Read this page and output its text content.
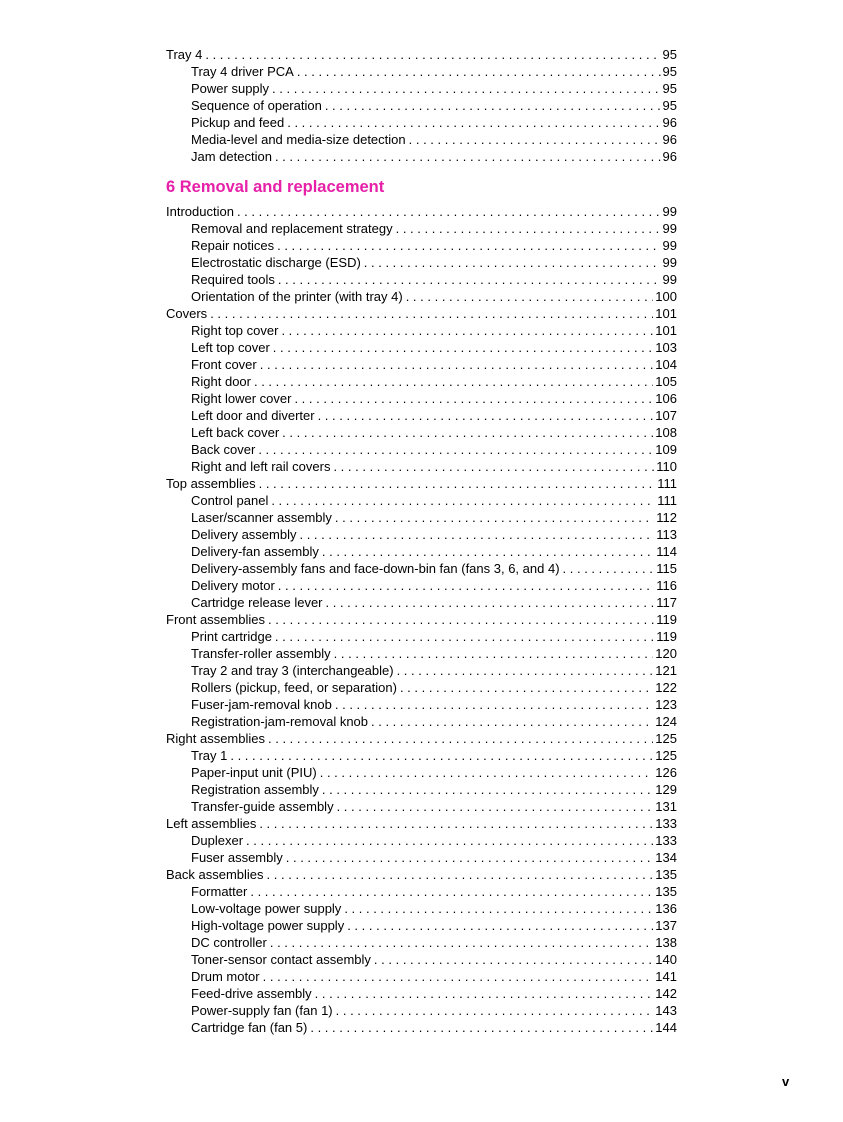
Tray 4 . . .	95
Tray 4 driver PCA . . .	95
Power supply . . .	95
Sequence of operation . . .	95
Pickup and feed . . .	96
Media-level and media-size detection . . .	96
Jam detection . . .	96
6 Removal and replacement
Introduction . . .	99
Removal and replacement strategy . . .	99
Repair notices . . .	99
Electrostatic discharge (ESD) . . .	99
Required tools . . .	99
Orientation of the printer (with tray 4) . . .	100
Covers . . .	101
Right top cover . . .	101
Left top cover . . .	103
Front cover . . .	104
Right door . . .	105
Right lower cover . . .	106
Left door and diverter . . .	107
Left back cover . . .	108
Back cover . . .	109
Right and left rail covers . . .	110
Top assemblies . . .	111
Control panel . . .	111
Laser/scanner assembly . . .	112
Delivery assembly . . .	113
Delivery-fan assembly . . .	114
Delivery-assembly fans and face-down-bin fan (fans 3, 6, and 4) . . .	115
Delivery motor . . .	116
Cartridge release lever . . .	117
Front assemblies . . .	119
Print cartridge . . .	119
Transfer-roller assembly . . .	120
Tray 2 and tray 3 (interchangeable) . . .	121
Rollers (pickup, feed, or separation) . . .	122
Fuser-jam-removal knob . . .	123
Registration-jam-removal knob . . .	124
Right assemblies . . .	125
Tray 1 . . .	125
Paper-input unit (PIU) . . .	126
Registration assembly . . .	129
Transfer-guide assembly . . .	131
Left assemblies . . .	133
Duplexer . . .	133
Fuser assembly . . .	134
Back assemblies . . .	135
Formatter . . .	135
Low-voltage power supply . . .	136
High-voltage power supply . . .	137
DC controller . . .	138
Toner-sensor contact assembly . . .	140
Drum motor . . .	141
Feed-drive assembly . . .	142
Power-supply fan (fan 1) . . .	143
Cartridge fan (fan 5) . . .	144
v
